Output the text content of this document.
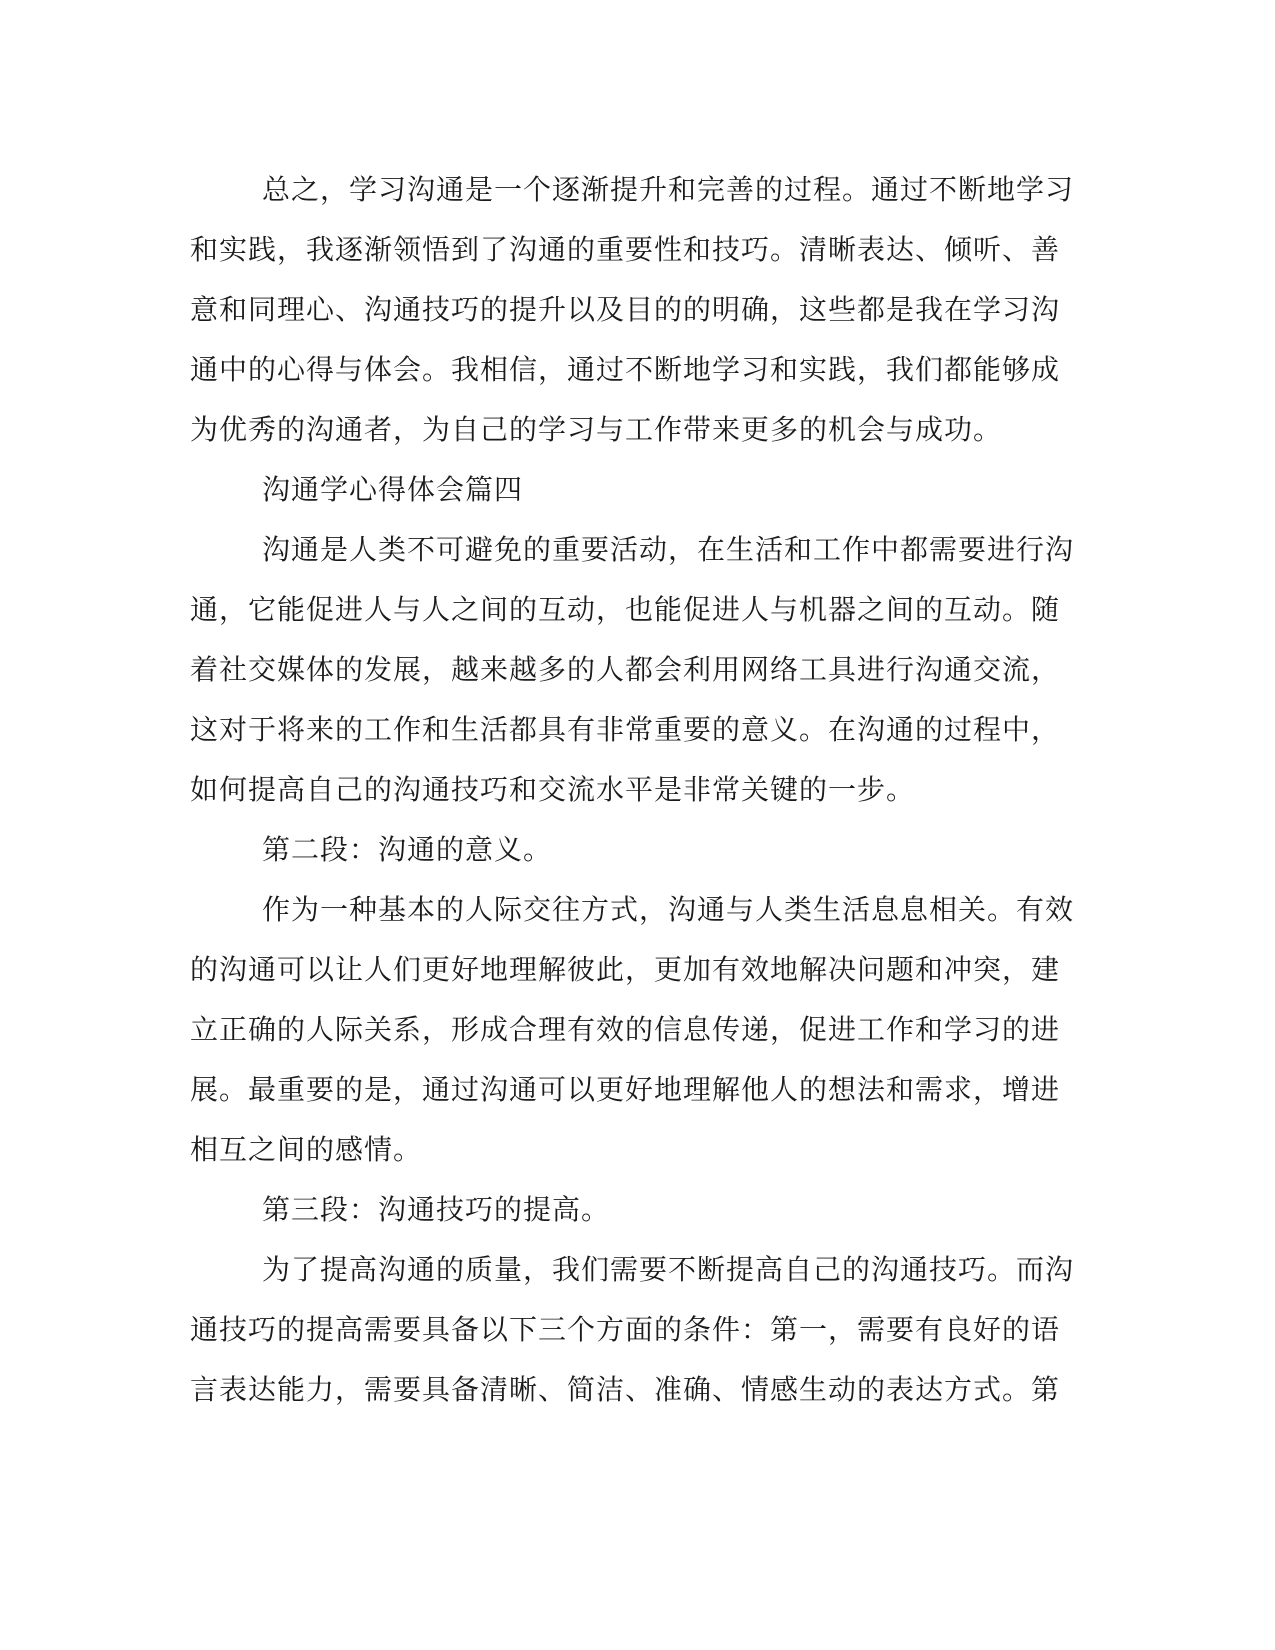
总之，学习沟通是一个逐渐提升和完善的过程。通过不断地学习
和实践，我逐渐领悟到了沟通的重要性和技巧。清晰表达、倾听、善
意和同理心、沟通技巧的提升以及目的的明确，这些都是我在学习沟
通中的心得与体会。我相信，通过不断地学习和实践，我们都能够成
为优秀的沟通者，为自己的学习与工作带来更多的机会与成功。
沟通学心得体会篇四
沟通是人类不可避免的重要活动，在生活和工作中都需要进行沟
通，它能促进人与人之间的互动，也能促进人与机器之间的互动。随
着社交媒体的发展，越来越多的人都会利用网络工具进行沟通交流，
这对于将来的工作和生活都具有非常重要的意义。在沟通的过程中，
如何提高自己的沟通技巧和交流水平是非常关键的一步。
第二段：沟通的意义。
作为一种基本的人际交往方式，沟通与人类生活息息相关。有效
的沟通可以让人们更好地理解彼此，更加有效地解决问题和冲突，建
立正确的人际关系，形成合理有效的信息传递，促进工作和学习的进
展。最重要的是，通过沟通可以更好地理解他人的想法和需求，增进
相互之间的感情。
第三段：沟通技巧的提高。
为了提高沟通的质量，我们需要不断提高自己的沟通技巧。而沟
通技巧的提高需要具备以下三个方面的条件：第一，需要有良好的语
言表达能力，需要具备清晰、简洁、准确、情感生动的表达方式。第
